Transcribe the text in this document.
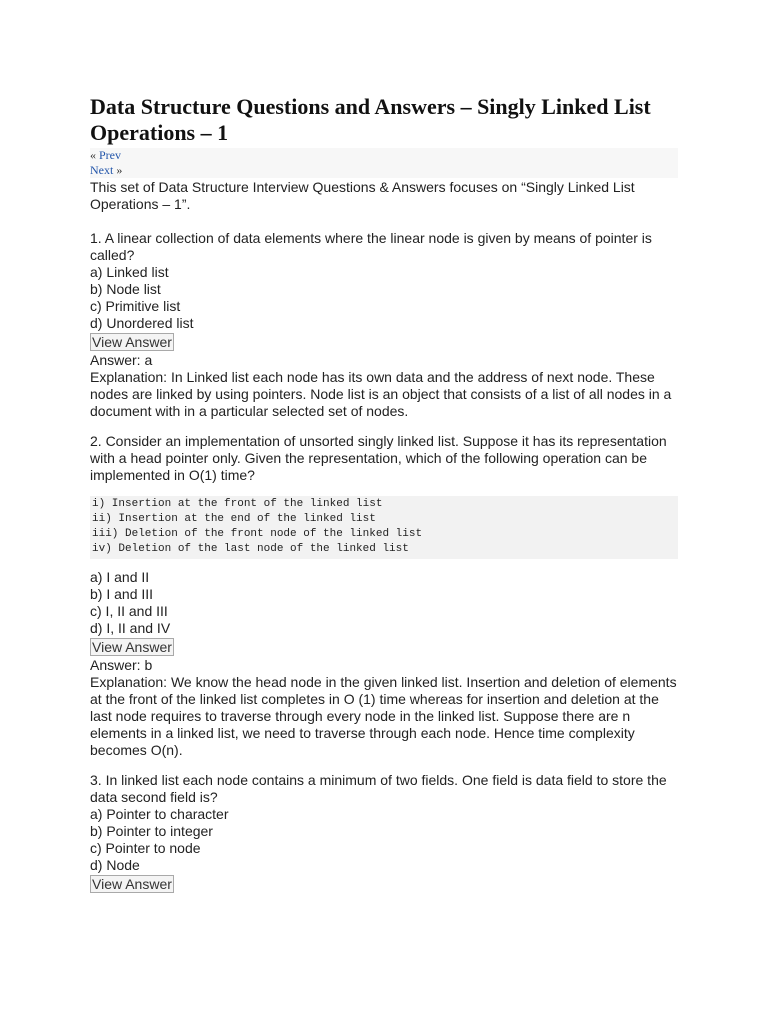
Data Structure Questions and Answers – Singly Linked List Operations – 1
« Prev
Next »

This set of Data Structure Interview Questions & Answers focuses on “Singly Linked List Operations – 1”.

1. A linear collection of data elements where the linear node is given by means of pointer is called?

a) Linked list
b) Node list
c) Primitive list
d) Unordered list
View Answer
Answer: a

Explanation: In Linked list each node has its own data and the address of next node. These nodes are linked by using pointers. Node list is an object that consists of a list of all nodes in a document with in a particular selected set of nodes.

2. Consider an implementation of unsorted singly linked list. Suppose it has its representation with a head pointer only. Given the representation, which of the following operation can be implemented in O(1) time?

i) Insertion at the front of the linked list
ii) Insertion at the end of the linked list
iii) Deletion of the front node of the linked list
iv) Deletion of the last node of the linked list
a) I and II
b) I and III
c) I, II and III
d) I, II and IV
View Answer
Answer: b

Explanation: We know the head node in the given linked list. Insertion and deletion of elements at the front of the linked list completes in O (1) time whereas for insertion and deletion at the last node requires to traverse through every node in the linked list. Suppose there are n elements in a linked list, we need to traverse through each node. Hence time complexity becomes O(n).

3. In linked list each node contains a minimum of two fields. One field is data field to store the data second field is?

a) Pointer to character
b) Pointer to integer
c) Pointer to node
d) Node
View Answer
